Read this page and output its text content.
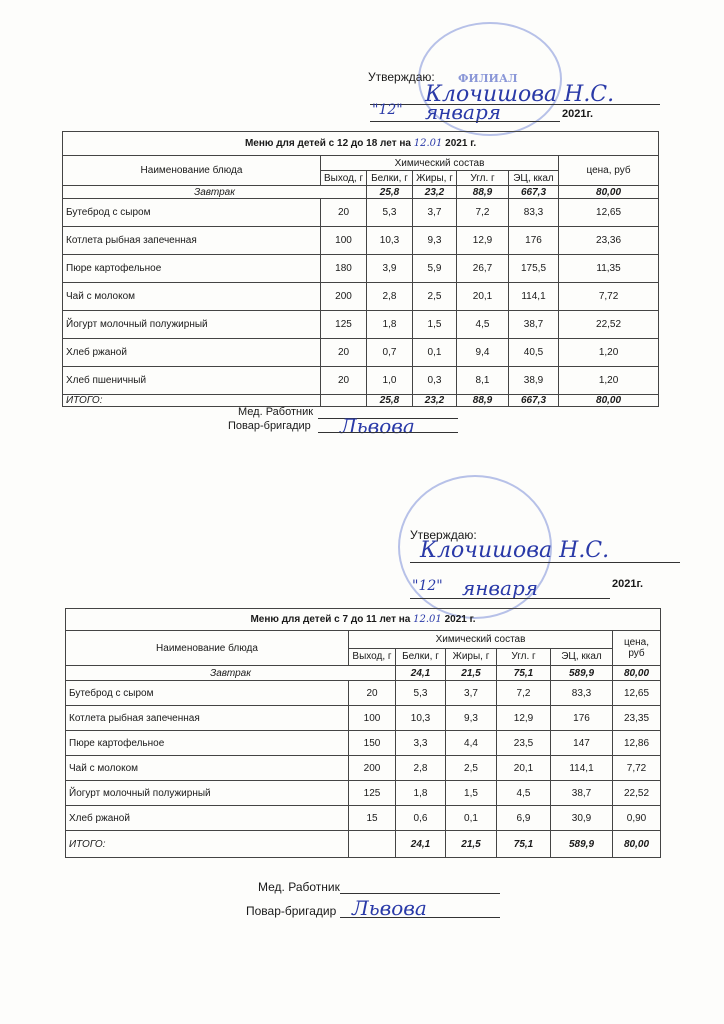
ФИЛИАЛ
Утверждаю:
Клочишова Н.С.
"12" января	2021г.
Меню для детей с 12 до 18 лет на 12.01 2021 г.						
Наименование блюда	Химический состав					цена, руб
	Выход, г	Белки, г	Жиры, г	Угл. г	ЭЦ, ккал	
Завтрак		25,8	23,2	88,9	667,3	80,00
Бутеброд с сыром	20	5,3	3,7	7,2	83,3	12,65
Котлета рыбная запеченная	100	10,3	9,3	12,9	176	23,36
Пюре картофельное	180	3,9	5,9	26,7	175,5	11,35
Чай с молоком	200	2,8	2,5	20,1	114,1	7,72
Йогурт молочный полужирный	125	1,8	1,5	4,5	38,7	22,52
Хлеб ржаной	20	0,7	0,1	9,4	40,5	1,20
Хлеб пшеничный	20	1,0	0,3	8,1	38,9	1,20
ИТОГО:		25,8	23,2	88,9	667,3	80,00
Мед. Работник
Повар-бригадир Львова
Утверждаю:
Клочишова Н.С.
"12" января	2021г.
Меню для детей с 7 до 11 лет на 12.01 2021 г.						
Наименование блюда	Химический состав					цена, руб
	Выход, г	Белки, г	Жиры, г	Угл. г	ЭЦ, ккал	
Завтрак		24,1	21,5	75,1	589,9	80,00
Бутеброд с сыром	20	5,3	3,7	7,2	83,3	12,65
Котлета рыбная запеченная	100	10,3	9,3	12,9	176	23,35
Пюре картофельное	150	3,3	4,4	23,5	147	12,86
Чай с молоком	200	2,8	2,5	20,1	114,1	7,72
Йогурт молочный полужирный	125	1,8	1,5	4,5	38,7	22,52
Хлеб ржаной	15	0,6	0,1	6,9	30,9	0,90
ИТОГО:		24,1	21,5	75,1	589,9	80,00
Мед. Работник
Повар-бригадир Львова
